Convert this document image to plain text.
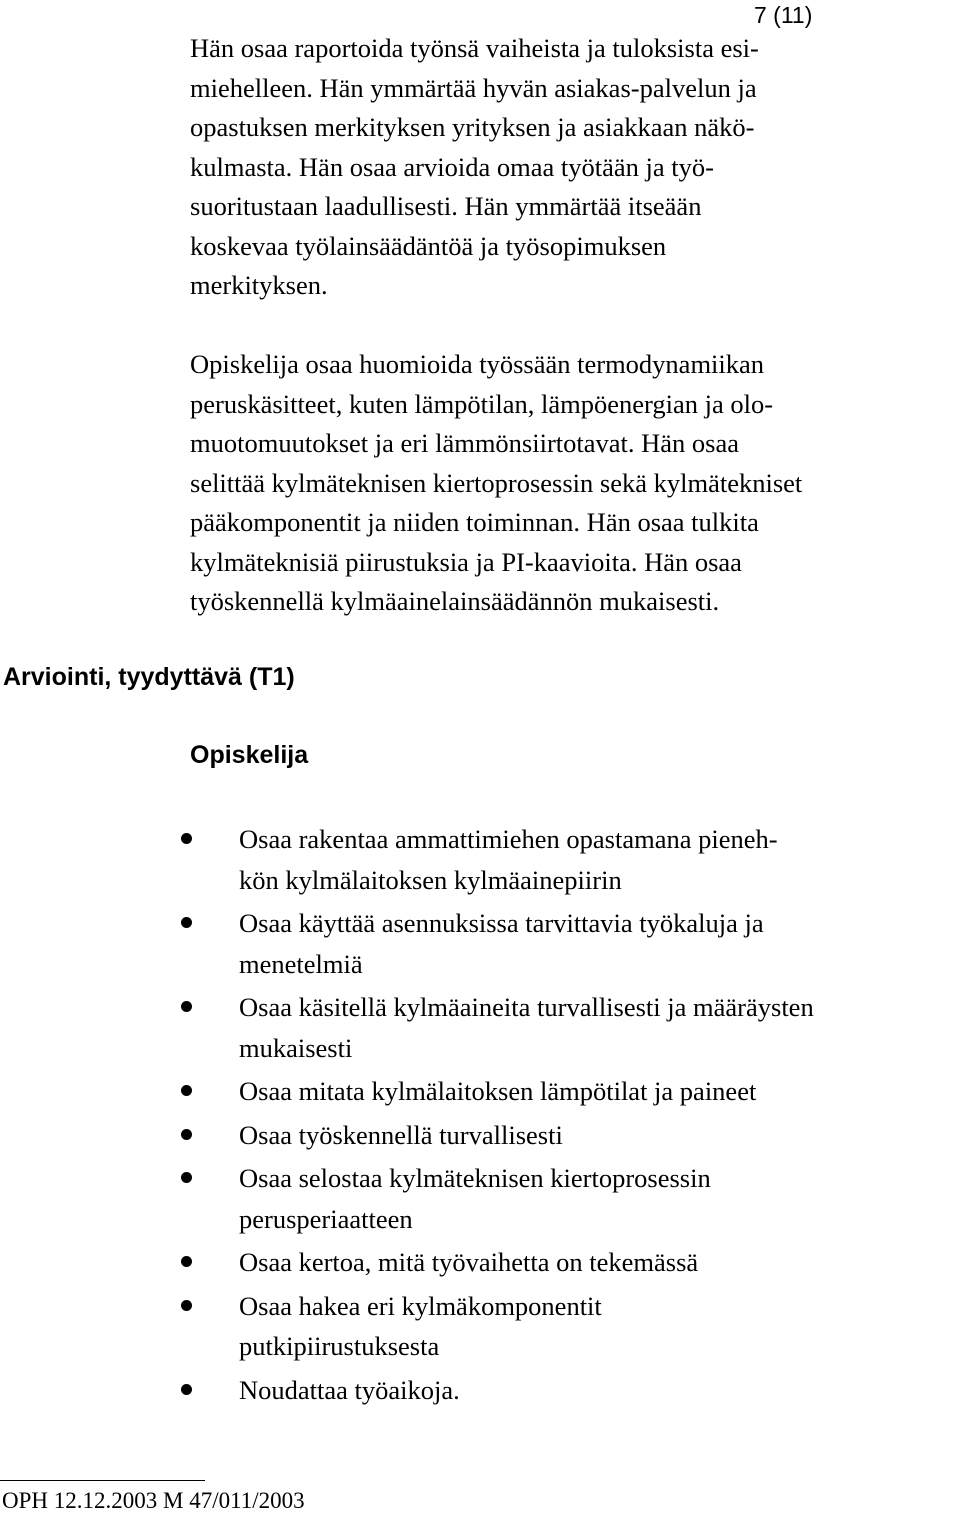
7 (11)

Hän osaa raportoida työnsä vaiheista ja tuloksista esi-
miehelleen. Hän ymmärtää hyvän asiakas-palvelun ja
opastuksen merkityksen yrityksen ja asiakkaan näkö-
kulmasta. Hän osaa arvioida omaa työtään ja työ-
suoritustaan laadullisesti. Hän ymmärtää itseään
koskevaa työlainsäädäntöä ja työsopimuksen
merkityksen.

Opiskelija osaa huomioida työssään termodynamiikan
peruskäsitteet, kuten lämpötilan, lämpöenergian ja olo-
muotomuutokset ja eri lämmönsiirtotavat. Hän osaa
selittää kylmäteknisen kiertoprosessin sekä kylmätekniset
pääkomponentit ja niiden toiminnan. Hän osaa tulkita
kylmäteknisiä piirustuksia ja PI-kaavioita. Hän osaa
työskennellä kylmäainelainsäädännön mukaisesti.

Arviointi, tyydyttävä (T1)
Opiskelija
Osaa rakentaa ammattimiehen opastamana pieneh-
kön kylmälaitoksen kylmäainepiirin
Osaa käyttää asennuksissa tarvittavia työkaluja ja
menetelmiä
Osaa käsitellä kylmäaineita turvallisesti ja määräysten
mukaisesti
Osaa mitata kylmälaitoksen lämpötilat ja paineet
Osaa työskennellä turvallisesti
Osaa selostaa kylmäteknisen kiertoprosessin
perusperiaatteen
Osaa kertoa, mitä työvaihetta on tekemässä
Osaa hakea eri kylmäkomponentit
putkipiirustuksesta
Noudattaa työaikoja.
OPH 12.12.2003 M 47/011/2003
